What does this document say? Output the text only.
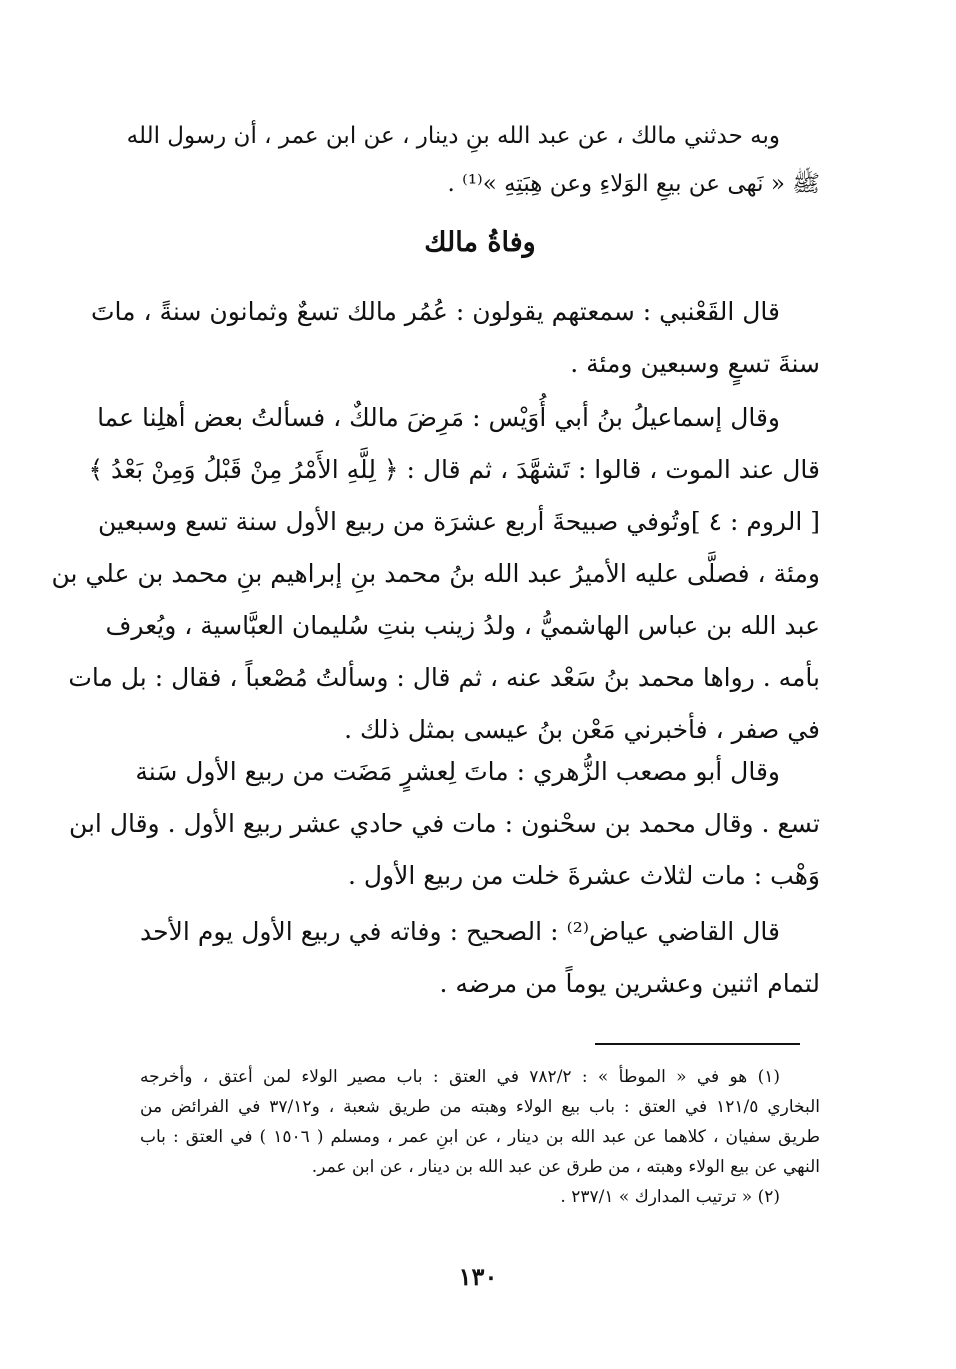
وبه حدثني مالك ، عن عبد الله بنِ دينار ، عن ابن عمر ، أن رسول الله
ﷺ « نَهى عن بيعِ الوَلاءِ وعن هِبَتِهِ »⁽¹⁾ .
وفاةُ مالك
قال القَعْنبي : سمعتهم يقولون : عُمُر مالك تسعٌ وثمانون سنةً ، ماتَ
سنةَ تسعٍ وسبعين ومئة .
وقال إسماعيلُ بنُ أبي أُوَيْس : مَرِضَ مالكٌ ، فسألتُ بعض أهلِنا عما
قال عند الموت ، قالوا : تَشهَّدَ ، ثم قال : ﴿ لِلَّهِ الأَمْرُ مِنْ قَبْلُ وَمِنْ بَعْدُ ﴾
[ الروم : ٤ ]وتُوفي صبيحةَ أربع عشرَة من ربيع الأول سنة تسع وسبعين
ومئة ، فصلَّى عليه الأميرُ عبد الله بنُ محمد بنِ إبراهيم بنِ محمد بن علي بن
عبد الله بن عباس الهاشميُّ ، ولدُ زينب بنتِ سُليمان العبَّاسية ، ويُعرف
بأمه . رواها محمد بنُ سَعْد عنه ، ثم قال : وسألتُ مُصْعباً ، فقال : بل مات
في صفر ، فأخبرني مَعْن بنُ عيسى بمثل ذلك .
وقال أبو مصعب الزُّهري : ماتَ لِعشرٍ مَضَت من ربيع الأول سَنة
تسع . وقال محمد بن سحْنون : مات في حادي عشر ربيع الأول . وقال ابن
وَهْب : مات لثلاث عشرةَ خلت من ربيع الأول .
قال القاضي عياض⁽²⁾ : الصحيح : وفاته في ربيع الأول يوم الأحد
لتمام اثنين وعشرين يوماً من مرضه .
(١) هو في « الموطأ » : ٧٨٢/٢ في العتق : باب مصير الولاء لمن أعتق ، وأخرجه
البخاري ١٢١/٥ في العتق : باب بيع الولاء وهبته من طريق شعبة ، و٣٧/١٢ في الفرائض من
طريق سفيان ، كلاهما عن عبد الله بن دينار ، عن ابنِ عمر ، ومسلم ( ١٥٠٦ ) في العتق : باب
النهي عن بيع الولاء وهبته ، من طرق عن عبد الله بن دينار ، عن ابن عمر.
(٢) « ترتيب المدارك » ٢٣٧/١ .
١٣٠
